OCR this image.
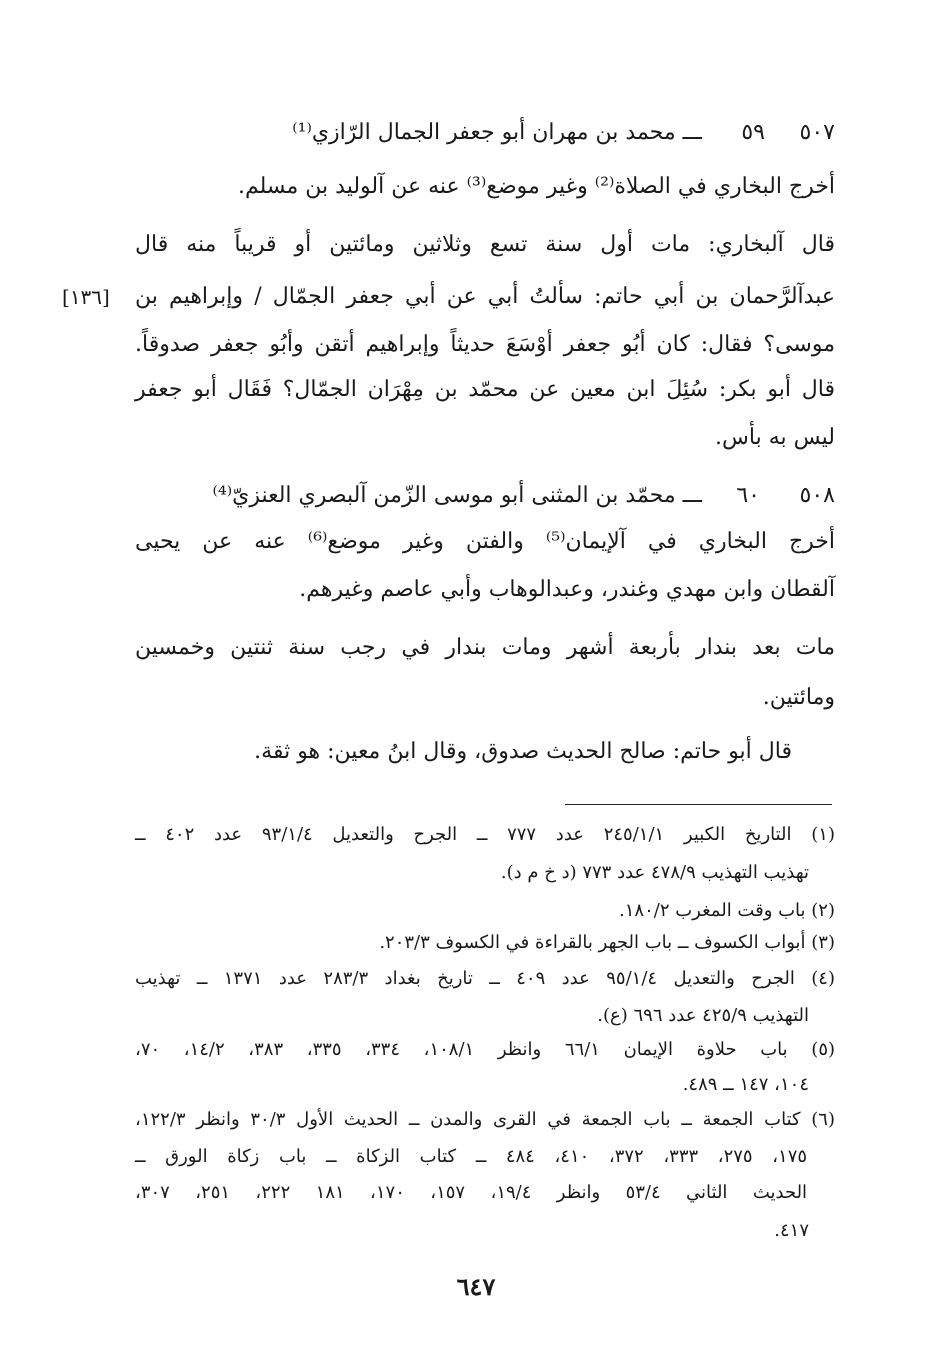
٥٠٧
٥٩
ـــ محمد بن مهران أبو جعفر الجمال الرّازي⁽¹⁾
أخرج البخاري في الصلاة⁽²⁾ وغير موضع⁽³⁾ عنه عن آلوليد بن مسلم.
قال آلبخاري: مات أول سنة تسع وثلاثين ومائتين أو قريباً منه قال
عبدآلرَّحمان بن أبي حاتم: سألتُ أبي عن أبي جعفر الجمّال / وإبراهيم بن
[١٣٦]
موسى؟ فقال: كان أبُو جعفر أوْسَعَ حديثاً وإبراهيم أتقن وأبُو جعفر صدوقاً.
قال أبو بكر: سُئِلَ ابن معين عن محمّد بن مِهْرَان الجمّال؟ فَقَال أبو جعفر
ليس به بأس.
٥٠٨
٦٠
ـــ محمّد بن المثنى أبو موسى الزّمن آلبصري العنزيّ⁽⁴⁾
أخرج البخاري في آلإيمان⁽⁵⁾ والفتن وغير موضع⁽⁶⁾ عنه عن يحيى
آلقطان وابن مهدي وغندر، وعبدالوهاب وأبي عاصم وغيرهم.
مات بعد بندار بأربعة أشهر ومات بندار في رجب سنة ثنتين وخمسين
ومائتين.
قال أبو حاتم: صالح الحديث صدوق، وقال ابنُ معين: هو ثقة.
(١) التاريخ الكبير ٢٤٥/١/١ عدد ٧٧٧ ــ الجرح والتعديل ٩٣/١/٤ عدد ٤٠٢ ــ
تهذيب التهذيب ٤٧٨/٩ عدد ٧٧٣ (د خ م د).
(٢) باب وقت المغرب ١٨٠/٢.
(٣) أبواب الكسوف ــ باب الجهر بالقراءة في الكسوف ٢٠٣/٣.
(٤) الجرح والتعديل ٩٥/١/٤ عدد ٤٠٩ ــ تاريخ بغداد ٢٨٣/٣ عدد ١٣٧١ ــ تهذيب
التهذيب ٤٢٥/٩ عدد ٦٩٦ (ع).
(٥) باب حلاوة الإيمان ٦٦/١ وانظر ١٠٨/١، ٣٣٤، ٣٣٥، ٣٨٣، ١٤/٢، ٧٠،
١٠٤، ١٤٧ ــ ٤٨٩.
(٦) كتاب الجمعة ــ باب الجمعة في القرى والمدن ــ الحديث الأول ٣٠/٣ وانظر ١٢٢/٣،
١٧٥، ٢٧٥، ٣٣٣، ٣٧٢، ٤١٠، ٤٨٤ ــ كتاب الزكاة ــ باب زكاة الورق ــ
الحديث الثاني ٥٣/٤ وانظر ١٩/٤، ١٥٧، ١٧٠، ١٨١ ٢٢٢، ٢٥١، ٣٠٧،
٤١٧.
٦٤٧
